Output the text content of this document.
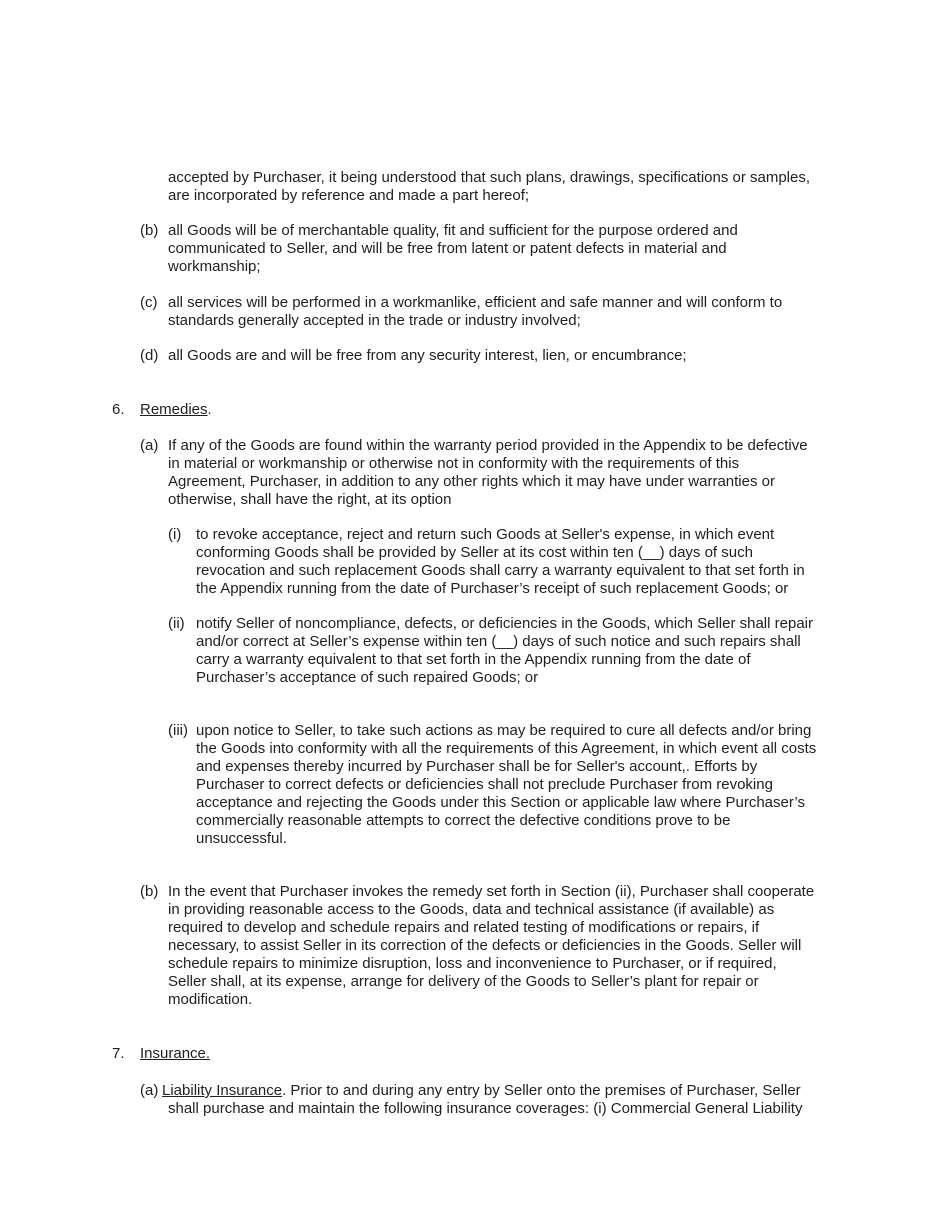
accepted by Purchaser, it being understood that such plans, drawings, specifications or samples,
are incorporated by reference and made a part hereof;
(b) all Goods will be of merchantable quality, fit and sufficient for the purpose ordered and
communicated to Seller, and will be free from latent or patent defects in material and
workmanship;
(c) all services will be performed in a workmanlike, efficient and safe manner and will conform to
standards generally accepted in the trade or industry involved;
(d) all Goods are and will be free from any security interest, lien, or encumbrance;
6. Remedies.
(a) If any of the Goods are found within the warranty period provided in the Appendix to be defective
in material or workmanship or otherwise not in conformity with the requirements of this
Agreement, Purchaser, in addition to any other rights which it may have under warranties or
otherwise, shall have the right, at its option
(i) to revoke acceptance, reject and return such Goods at Seller's expense, in which event
conforming Goods shall be provided by Seller at its cost within ten (__) days of such
revocation and such replacement Goods shall carry a warranty equivalent to that set forth in
the Appendix running from the date of Purchaser’s receipt of such replacement Goods; or
(ii) notify Seller of noncompliance, defects, or deficiencies in the Goods, which Seller shall repair
and/or correct at Seller’s expense within ten (__) days of such notice and such repairs shall
carry a warranty equivalent to that set forth in the Appendix running from the date of
Purchaser’s acceptance of such repaired Goods; or
(iii) upon notice to Seller, to take such actions as may be required to cure all defects and/or bring
the Goods into conformity with all the requirements of this Agreement, in which event all costs
and expenses thereby incurred by Purchaser shall be for Seller's account,. Efforts by
Purchaser to correct defects or deficiencies shall not preclude Purchaser from revoking
acceptance and rejecting the Goods under this Section or applicable law where Purchaser’s
commercially reasonable attempts to correct the defective conditions prove to be
unsuccessful.
(b) In the event that Purchaser invokes the remedy set forth in Section (ii), Purchaser shall cooperate
in providing reasonable access to the Goods, data and technical assistance (if available) as
required to develop and schedule repairs and related testing of modifications or repairs, if
necessary, to assist Seller in its correction of the defects or deficiencies in the Goods. Seller will
schedule repairs to minimize disruption, loss and inconvenience to Purchaser, or if required,
Seller shall, at its expense, arrange for delivery of the Goods to Seller’s plant for repair or
modification.
7. Insurance.
(a) Liability Insurance. Prior to and during any entry by Seller onto the premises of Purchaser, Seller
shall purchase and maintain the following insurance coverages: (i) Commercial General Liability
